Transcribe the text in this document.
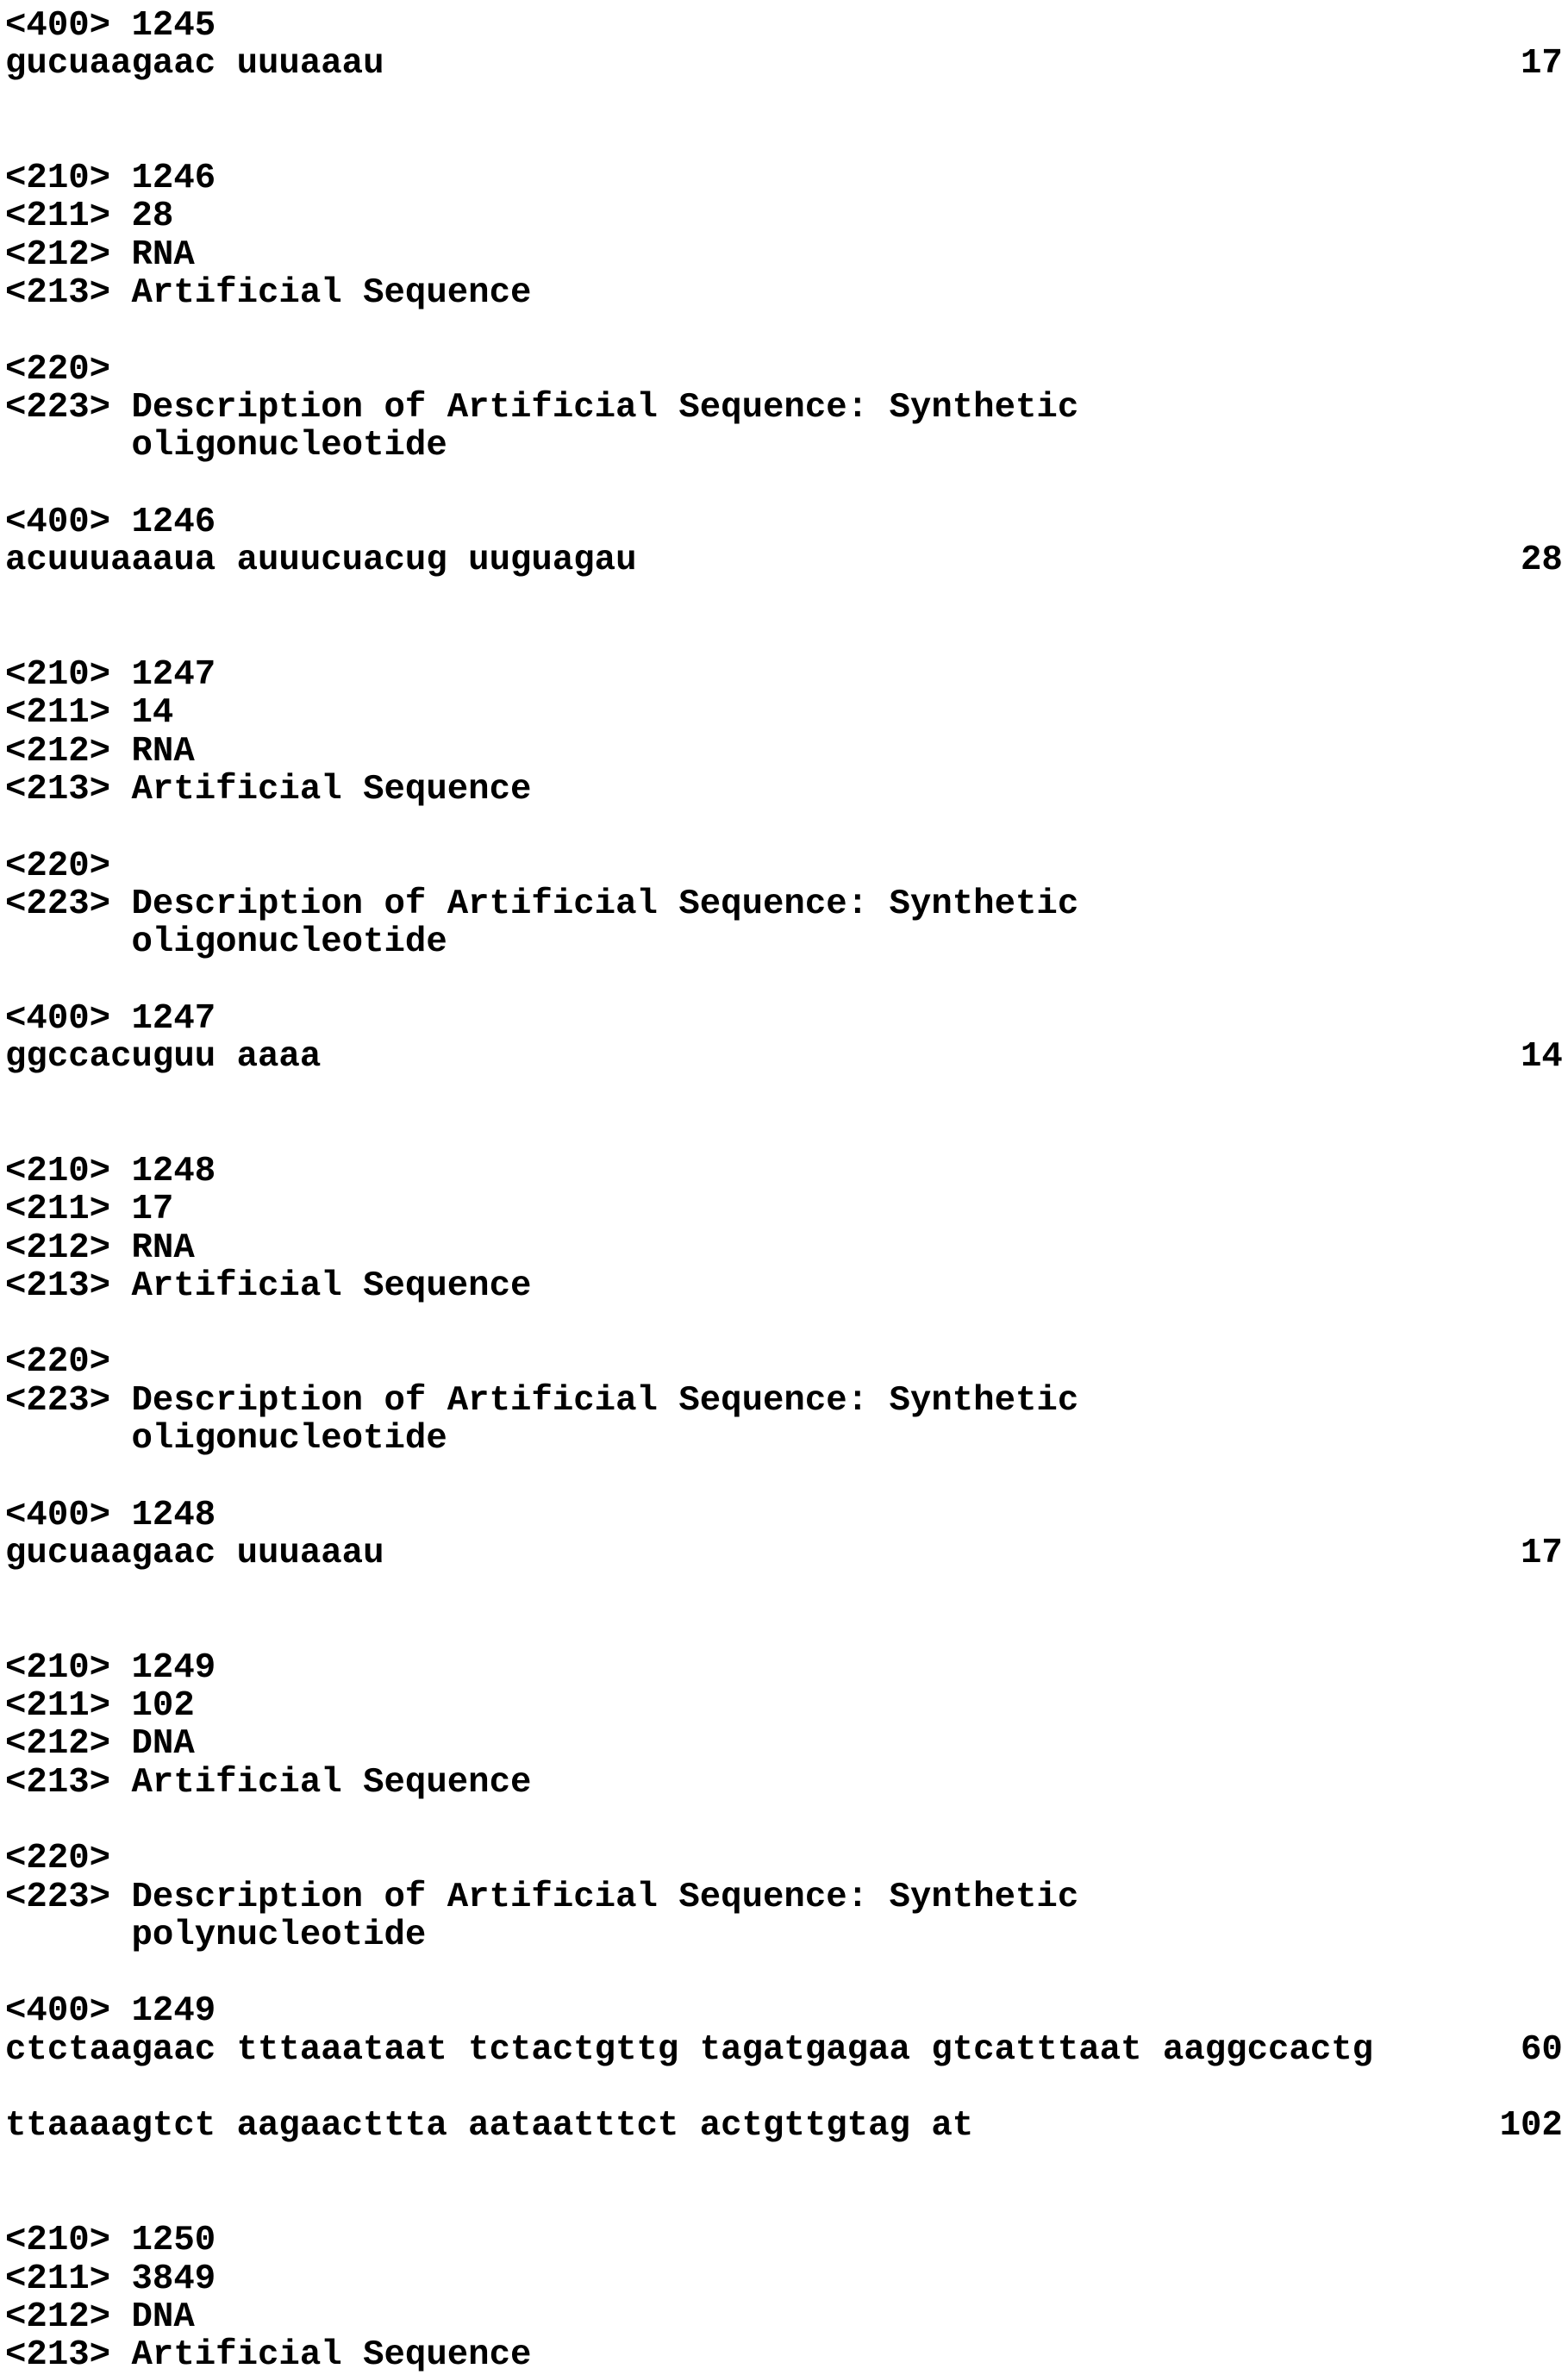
<400> 1245
gucuaagaac uuuaaau                                                      17
<210> 1246
<211> 28
<212> RNA
<213> Artificial Sequence
<220>
<223> Description of Artificial Sequence: Synthetic
oligonucleotide
<400> 1246
acuuuaaaua auuucuacug uuguagau                                          28
<210> 1247
<211> 14
<212> RNA
<213> Artificial Sequence
<220>
<223> Description of Artificial Sequence: Synthetic
oligonucleotide
<400> 1247
ggccacuguu aaaa                                                         14
<210> 1248
<211> 17
<212> RNA
<213> Artificial Sequence
<220>
<223> Description of Artificial Sequence: Synthetic
oligonucleotide
<400> 1248
gucuaagaac uuuaaau                                                      17
<210> 1249
<211> 102
<212> DNA
<213> Artificial Sequence
<220>
<223> Description of Artificial Sequence: Synthetic
polynucleotide
<400> 1249
ctctaagaac tttaaataat tctactgttg tagatgagaa gtcatttaat aaggccactg       60
ttaaaagtct aagaacttta aataatttct actgttgtag at                         102
<210> 1250
<211> 3849
<212> DNA
<213> Artificial Sequence
